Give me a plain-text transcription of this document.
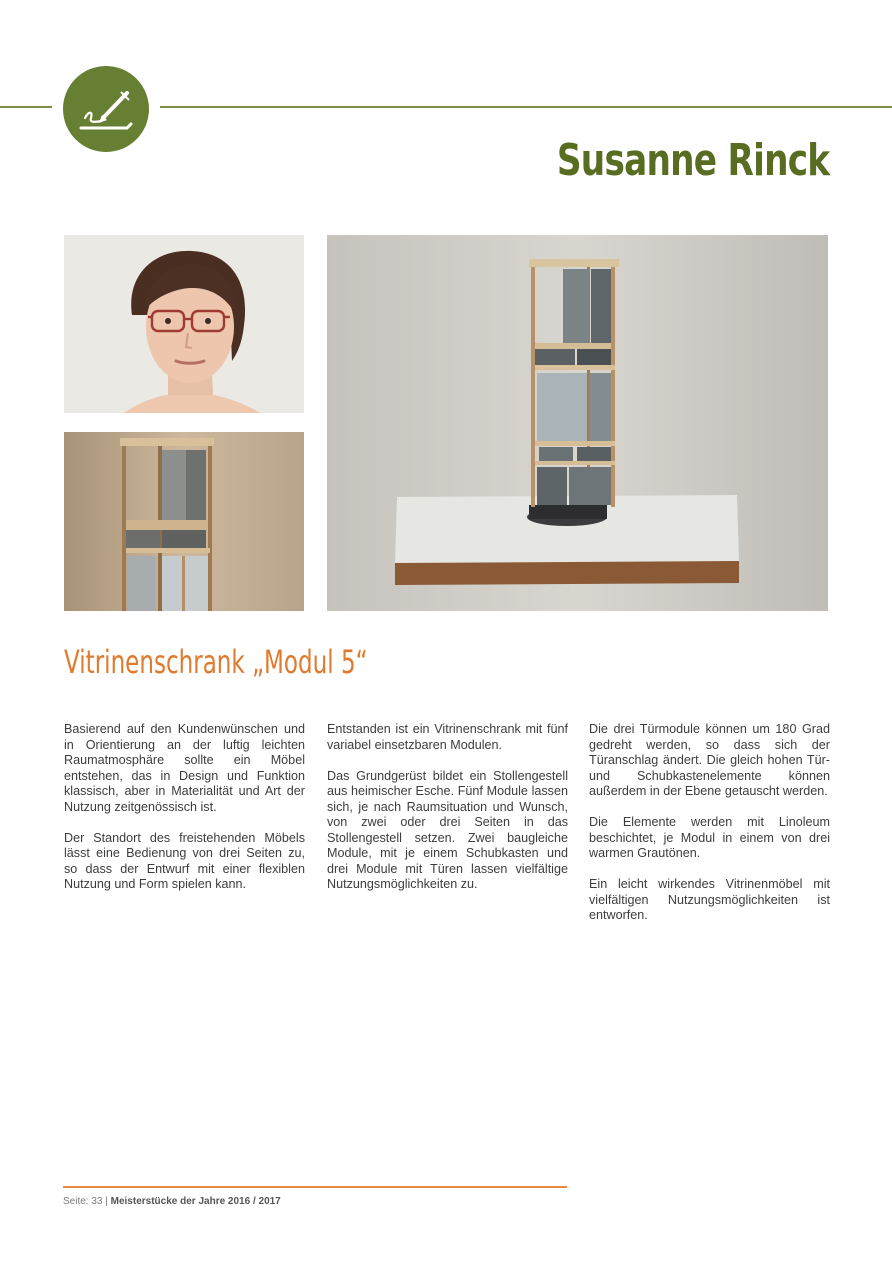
Susanne Rinck
Vitrinenschrank „Modul 5“

Basierend auf den Kundenwünschen und in Orientierung an der luftig leichten Raumatmosphäre sollte ein Möbel entstehen, das in Design und Funktion klassisch, aber in Materialität und Art der Nutzung zeitgenössisch ist.

Der Standort des freistehenden Möbels lässt eine Bedienung von drei Seiten zu, so dass der Entwurf mit einer flexiblen Nutzung und Form spielen kann.

Entstanden ist ein Vitrinenschrank mit fünf variabel einsetzbaren Modulen.

Das Grundgerüst bildet ein Stollengestell aus heimischer Esche. Fünf Module lassen sich, je nach Raumsituation und Wunsch, von zwei oder drei Seiten in das Stollengestell setzen. Zwei baugleiche Module, mit je einem Schubkasten und drei Module mit Türen lassen vielfältige Nutzungsmöglichkeiten zu.

Die drei Türmodule können um 180 Grad gedreht werden, so dass sich der Türanschlag ändert. Die gleich hohen Tür- und Schubkastenelemente können außerdem in der Ebene getauscht werden.

Die Elemente werden mit Linoleum beschichtet, je Modul in einem von drei warmen Grautönen.

Ein leicht wirkendes Vitrinenmöbel mit vielfältigen Nutzungsmöglichkeiten ist entworfen.

Seite: 33 | Meisterstücke der Jahre 2016 / 2017
